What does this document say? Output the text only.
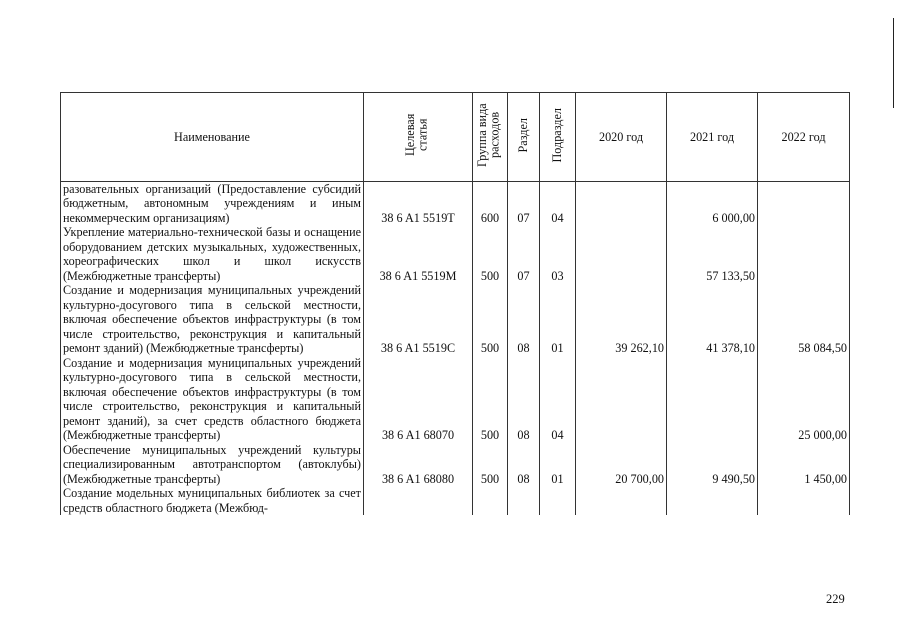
Наименование	Целевая статья	Группа вида расходов	Раздел	Подраздел	2020 год	2021 год	2022 год
разовательных организаций (Предоставление субсидий бюджетным, автономным учреждениям и иным некоммерческим организациям)	38 6 A1 5519Т	600	07	04		6 000,00	
Укрепление материально-технической базы и оснащение оборудованием детских музыкальных, художественных, хореографических школ и школ искусств (Межбюджетные трансферты)	38 6 A1 5519М	500	07	03		57 133,50	
Создание и модернизация муниципальных учреждений культурно-досугового типа в сельской местности, включая обеспечение объектов инфраструктуры (в том числе строительство, реконструкция и капитальный ремонт зданий) (Межбюджетные трансферты)	38 6 A1 5519С	500	08	01	39 262,10	41 378,10	58 084,50
Создание и модернизация муниципальных учреждений культурно-досугового типа в сельской местности, включая обеспечение объектов инфраструктуры (в том числе строительство, реконструкция и капитальный ремонт зданий), за счет средств областного бюджета (Межбюджетные трансферты)	38 6 A1 68070	500	08	04			25 000,00
Обеспечение муниципальных учреждений культуры специализированным автотранспортом (автоклубы) (Межбюджетные трансферты)	38 6 A1 68080	500	08	01	20 700,00	9 490,50	1 450,00
Создание модельных муниципальных библиотек за счет средств областного бюджета (Межбюд-							
229
